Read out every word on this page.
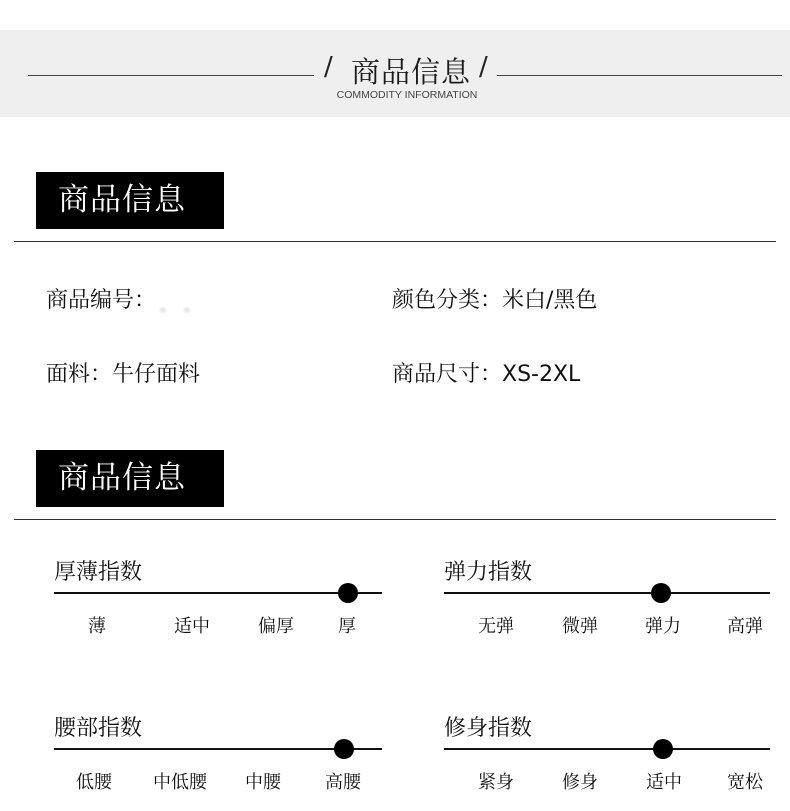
/ 商品信息 /
COMMODITY INFORMATION
商品信息
商品编号：	颜色分类：米白/黑色
面料：牛仔面料	商品尺寸：XS-2XL
商品信息
厚薄指数
薄	适中	偏厚	厚
弹力指数
无弹	微弹	弹力	高弹
腰部指数
低腰	中低腰	中腰	高腰
修身指数
紧身	修身	适中	宽松
